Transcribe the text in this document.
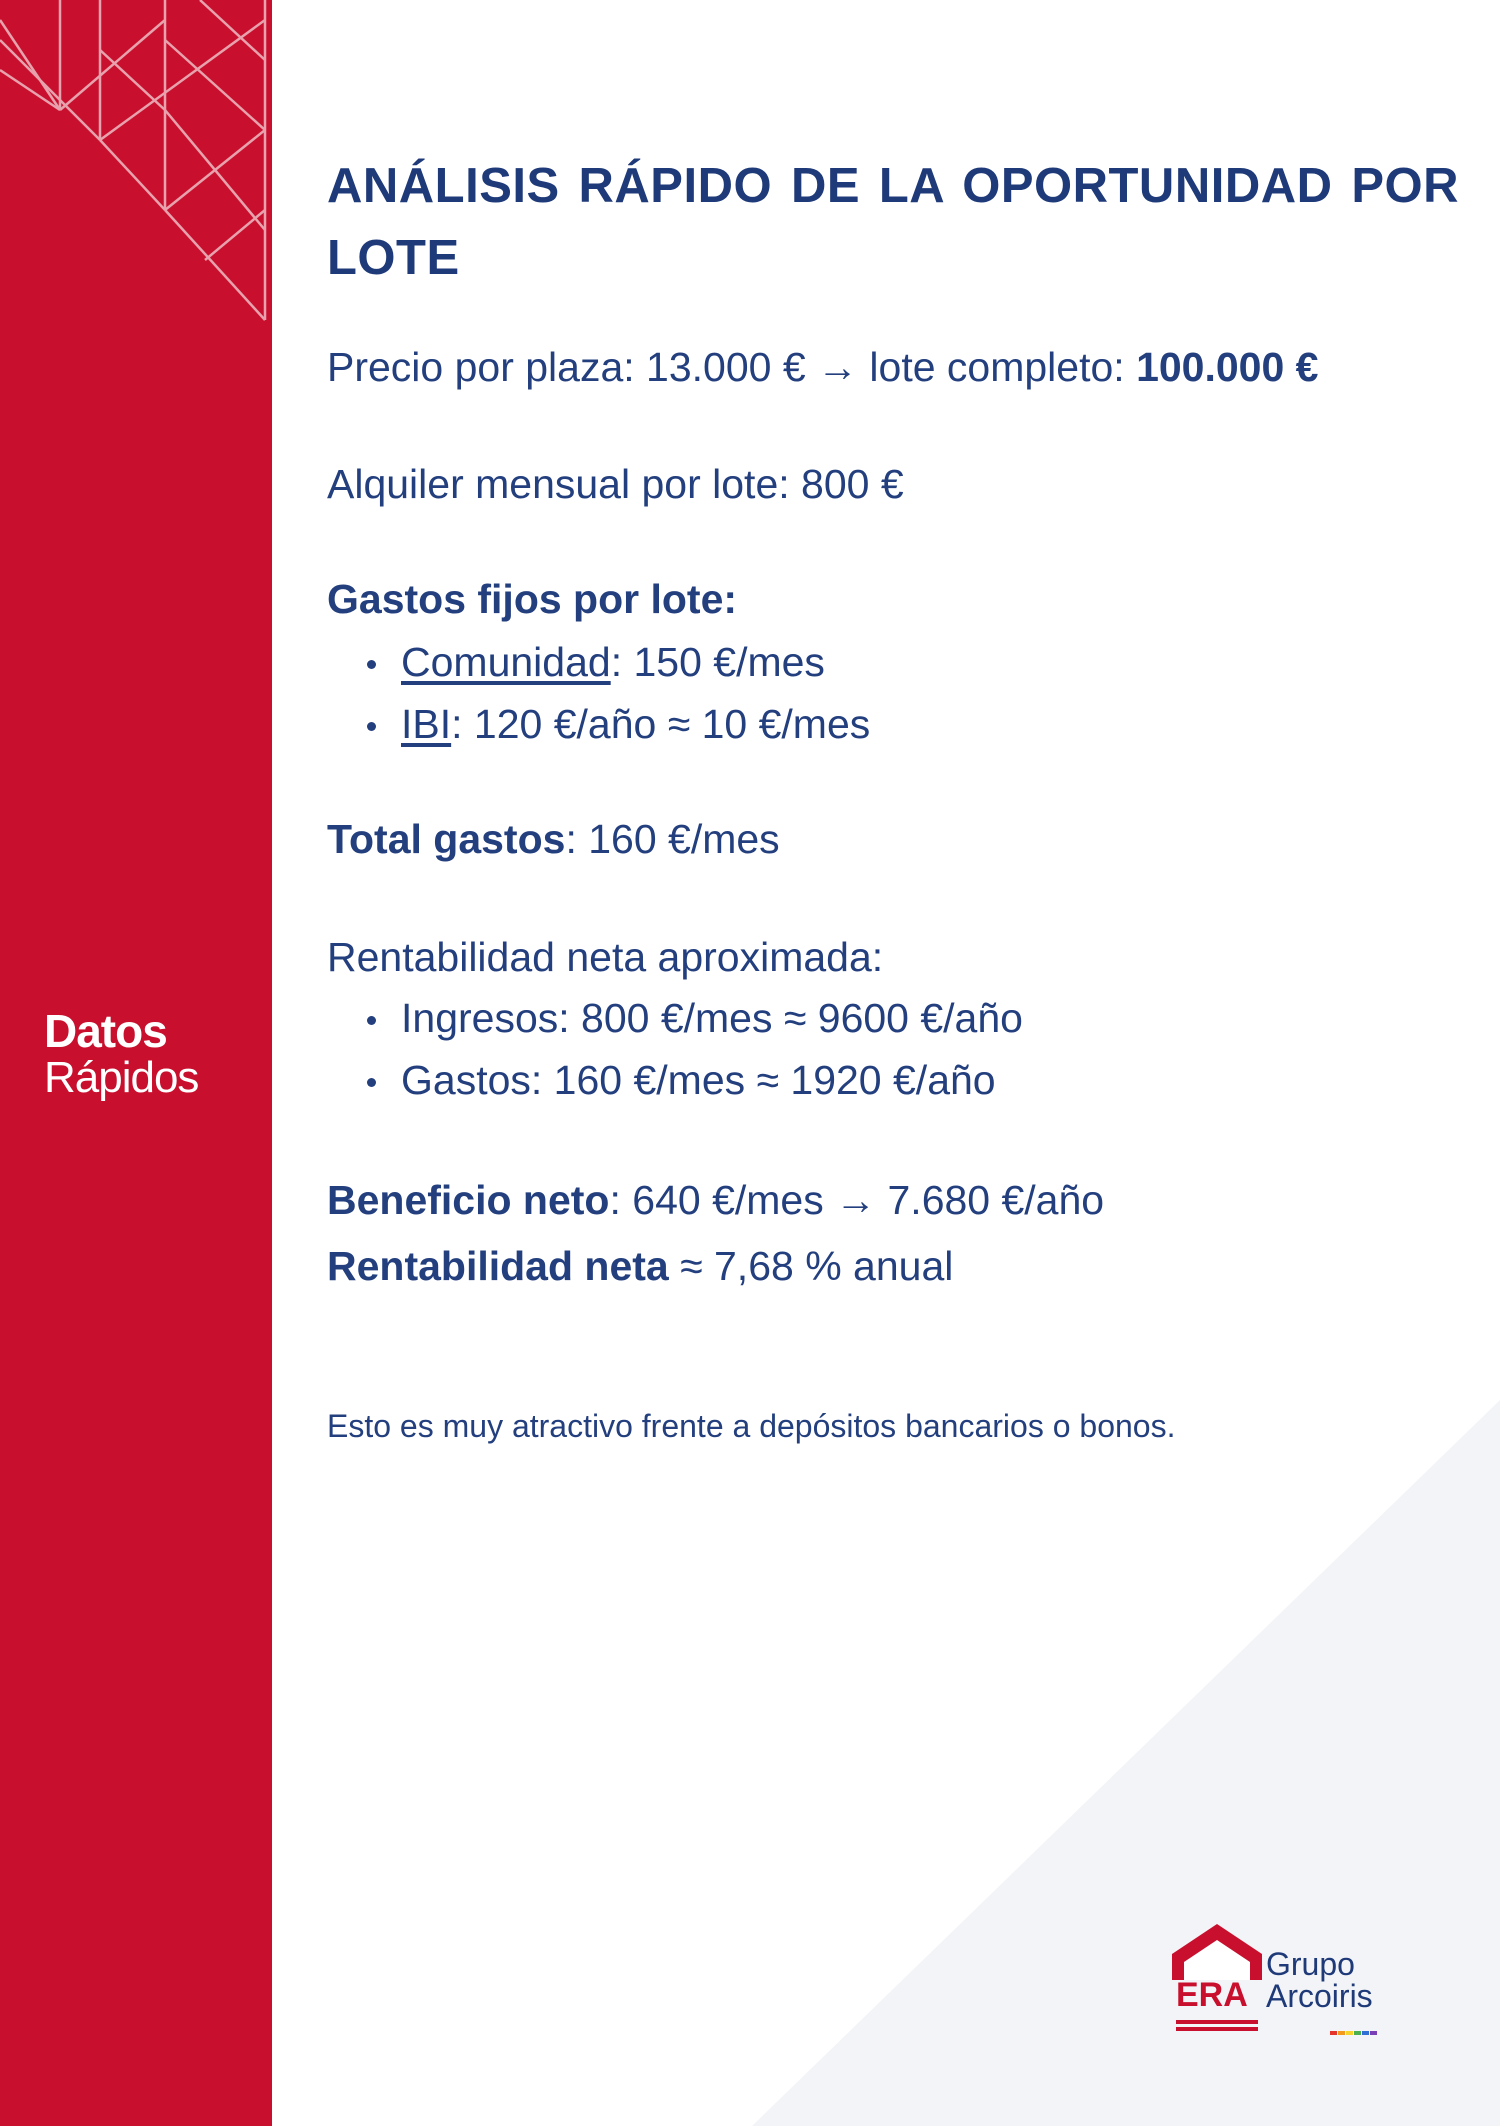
Datos
Rápidos
ANÁLISIS RÁPIDO DE LA OPORTUNIDAD POR LOTE

Precio por plaza: 13.000 € → lote completo: 100.000 €

Alquiler mensual por lote: 800 €

Gastos fijos por lote:

Comunidad: 150 €/mes
IBI: 120 €/año ≈ 10 €/mes

Total gastos: 160 €/mes

Rentabilidad neta aproximada:

Ingresos: 800 €/mes ≈ 9600 €/año
Gastos: 160 €/mes ≈ 1920 €/año

Beneficio neto: 640 €/mes → 7.680 €/año

Rentabilidad neta ≈ 7,68 % anual

Esto es muy atractivo frente a depósitos bancarios o bonos.

ERA
Grupo
Arcoiris
